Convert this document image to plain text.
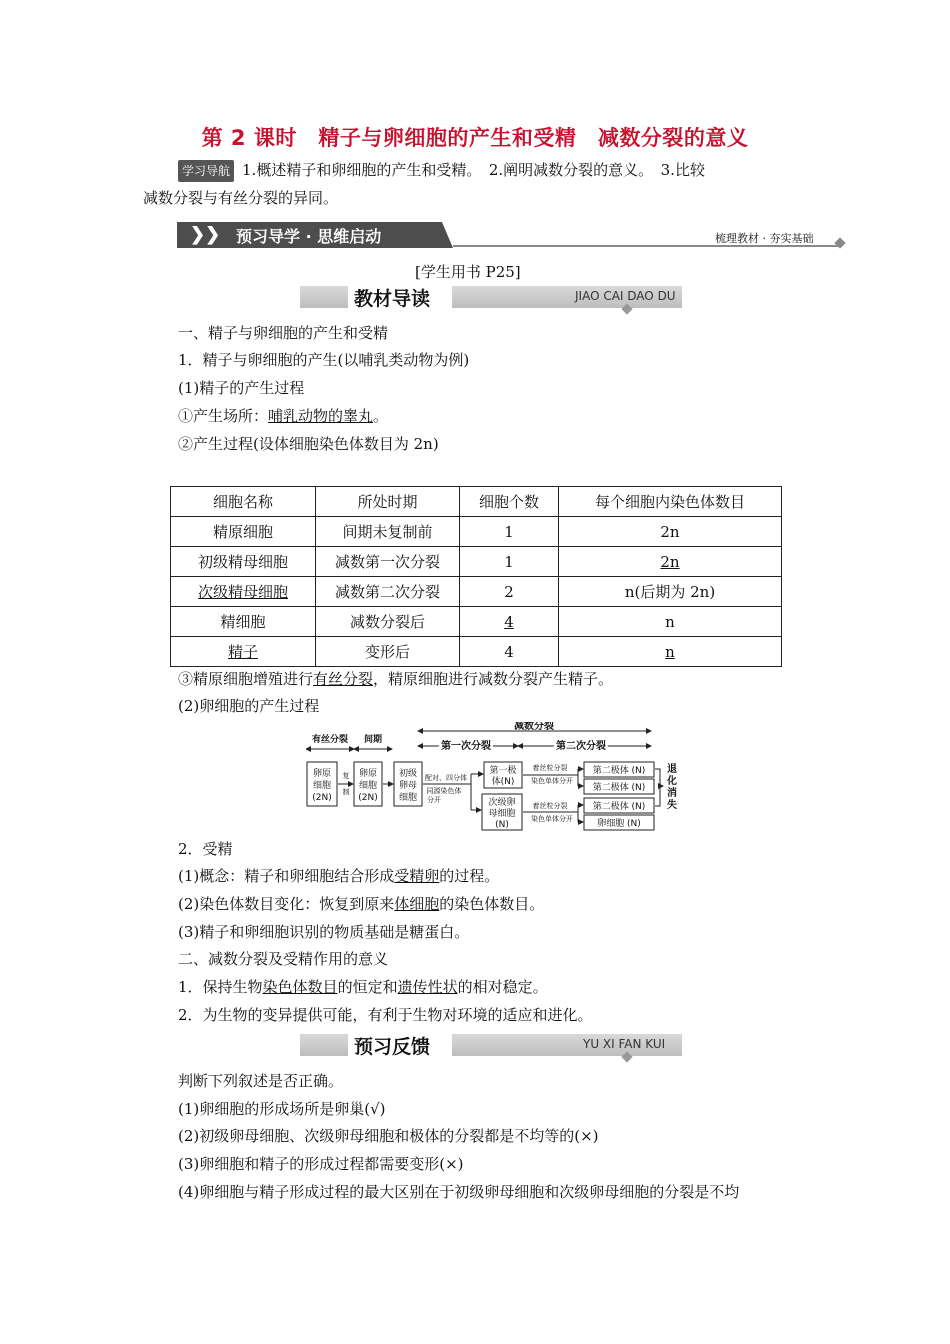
第 2 课时　精子与卵细胞的产生和受精　减数分裂的意义
学习导航 1.概述精子和卵细胞的产生和受精。　2.阐明减数分裂的意义。　3.比较
减数分裂与有丝分裂的异同。
❯❯ 预习导学 · 思维启动	梳理教材 · 夯实基础
[学生用书 P25]
教材导读	JIAO CAI DAO DU
一、精子与卵细胞的产生和受精
1．精子与卵细胞的产生(以哺乳类动物为例)
(1)精子的产生过程
①产生场所：哺乳动物的睾丸。
②产生过程(设体细胞染色体数目为 2n)
细胞名称	所处时期	细胞个数	每个细胞内染色体数目
精原细胞	间期未复制前	1	2n
初级精母细胞	减数第一次分裂	1	2n
次级精母细胞	减数第二次分裂	2	n(后期为 2n)
精细胞	减数分裂后	4	n
精子	变形后	4	n
③精原细胞增殖进行有丝分裂，精原细胞进行减数分裂产生精子。
(2)卵细胞的产生过程
减数分裂
有丝分裂 间期
第一次分裂	第二次分裂
卵原
细胞
(2N)
复
制
卵原
细胞
(2N)
初级
卵母
细胞
配对、四分体
同源染色体
分开
第一极
体(N)
次级卵
母细胞
(N)
着丝粒分裂
染色单体分开
着丝粒分裂
染色单体分开
第二极体 (N)
第二极体 (N)
第二极体 (N)
卵细胞 (N)
退
化
消
失
2．受精
(1)概念：精子和卵细胞结合形成受精卵的过程。
(2)染色体数目变化：恢复到原来体细胞的染色体数目。
(3)精子和卵细胞识别的物质基础是糖蛋白。
二、减数分裂及受精作用的意义
1．保持生物染色体数目的恒定和遗传性状的相对稳定。
2．为生物的变异提供可能，有利于生物对环境的适应和进化。
预习反馈	YU XI FAN KUI
判断下列叙述是否正确。
(1)卵细胞的形成场所是卵巢(√)
(2)初级卵母细胞、次级卵母细胞和极体的分裂都是不均等的(×)
(3)卵细胞和精子的形成过程都需要变形(×)
(4)卵细胞与精子形成过程的最大区别在于初级卵母细胞和次级卵母细胞的分裂是不均
